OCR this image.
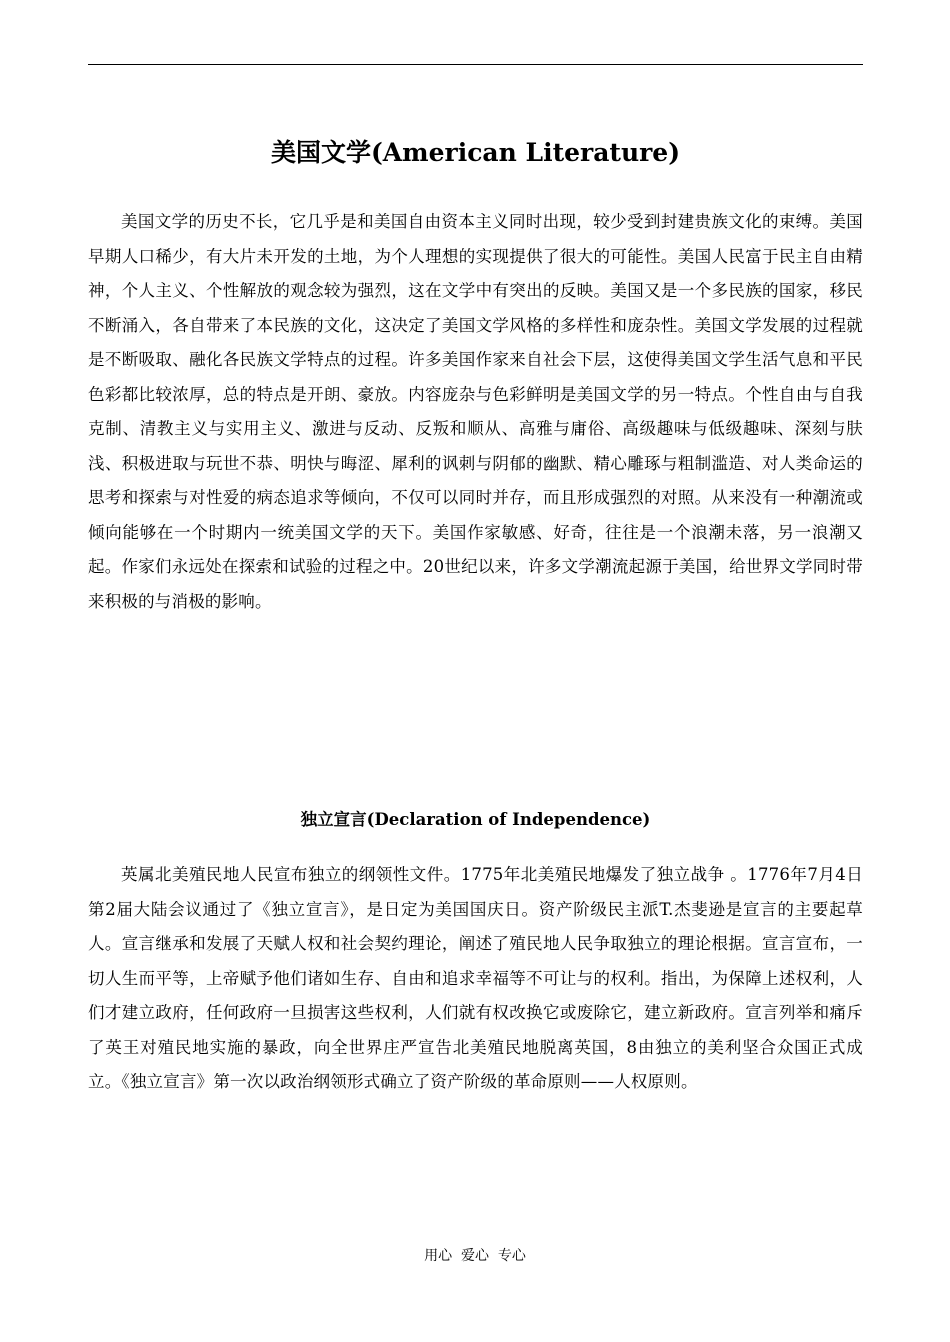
美国文学(American Literature)

美国文学的历史不长，它几乎是和美国自由资本主义同时出现，较少受到封建贵族文化的束缚。美国早期人口稀少，有大片未开发的土地，为个人理想的实现提供了很大的可能性。美国人民富于民主自由精神，个人主义、个性解放的观念较为强烈，这在文学中有突出的反映。美国又是一个多民族的国家，移民不断涌入，各自带来了本民族的文化，这决定了美国文学风格的多样性和庞杂性。美国文学发展的过程就是不断吸取、融化各民族文学特点的过程。许多美国作家来自社会下层，这使得美国文学生活气息和平民色彩都比较浓厚，总的特点是开朗、豪放。内容庞杂与色彩鲜明是美国文学的另一特点。个性自由与自我克制、清教主义与实用主义、激进与反动、反叛和顺从、高雅与庸俗、高级趣味与低级趣味、深刻与肤浅、积极进取与玩世不恭、明快与晦涩、犀利的讽刺与阴郁的幽默、精心雕琢与粗制滥造、对人类命运的思考和探索与对性爱的病态追求等倾向，不仅可以同时并存，而且形成强烈的对照。从来没有一种潮流或倾向能够在一个时期内一统美国文学的天下。美国作家敏感、好奇，往往是一个浪潮未落，另一浪潮又起。作家们永远处在探索和试验的过程之中。20世纪以来，许多文学潮流起源于美国，给世界文学同时带来积极的与消极的影响。

独立宣言(Declaration of Independence)

英属北美殖民地人民宣布独立的纲领性文件。1775年北美殖民地爆发了独立战争 。1776年7月4日第2届大陆会议通过了《独立宣言》，是日定为美国国庆日。资产阶级民主派T.杰斐逊是宣言的主要起草人。宣言继承和发展了天赋人权和社会契约理论，阐述了殖民地人民争取独立的理论根据。宣言宣布，一切人生而平等，上帝赋予他们诸如生存、自由和追求幸福等不可让与的权利。指出，为保障上述权利，人们才建立政府，任何政府一旦损害这些权利，人们就有权改换它或废除它，建立新政府。宣言列举和痛斥了英王对殖民地实施的暴政，向全世界庄严宣告北美殖民地脱离英国，8由独立的美利坚合众国正式成立。《独立宣言》第一次以政治纲领形式确立了资产阶级的革命原则——人权原则。

用心  爱心  专心
